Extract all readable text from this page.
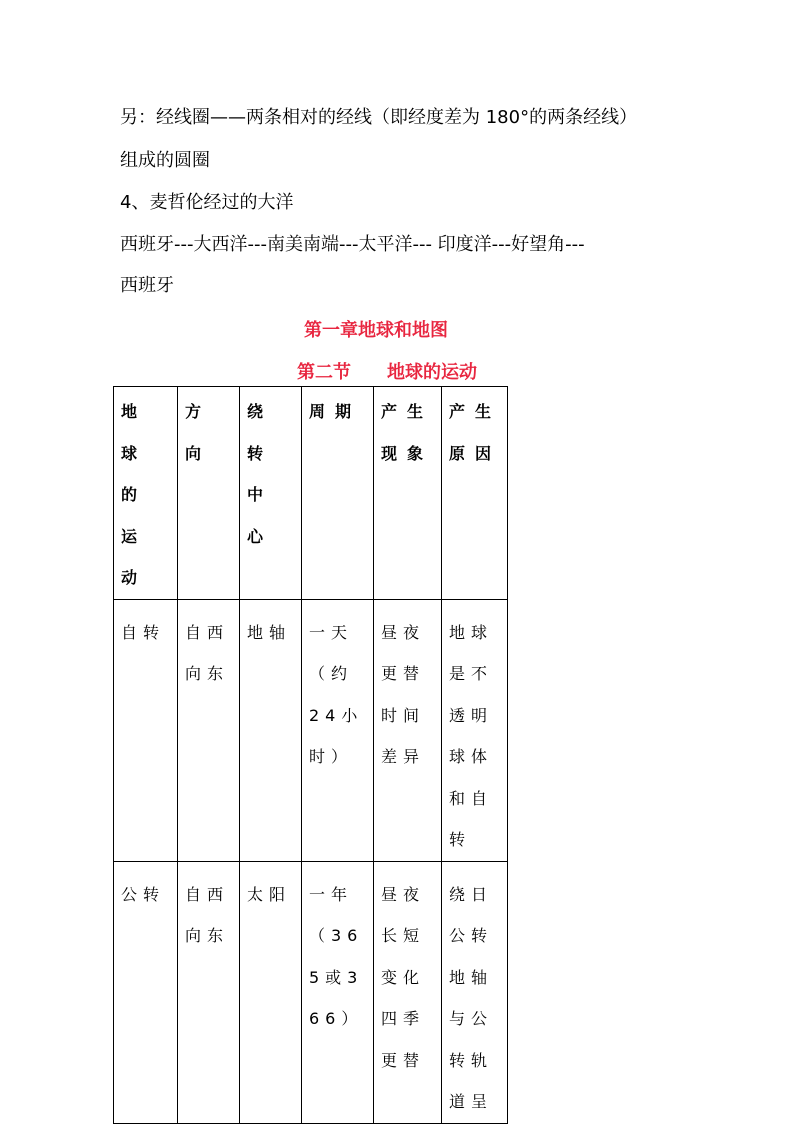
另：经线圈——两条相对的经线（即经度差为 180°的两条经线）
组成的圆圈
4、麦哲伦经过的大洋
西班牙---大西洋---南美南端---太平洋--- 印度洋---好望角---
西班牙
第一章地球和地图
第二节　　地球的运动
地球的运动	方向	绕转中心	周期	产生现象	产生原因
自转	自西向东	地轴	一天（约24小时）	昼夜更替时间差异	地球是不透明球体和自转
公转	自西向东	太阳	一年（365或366）	昼夜长短变化四季更替	绕日公转地轴与公转轨道呈
